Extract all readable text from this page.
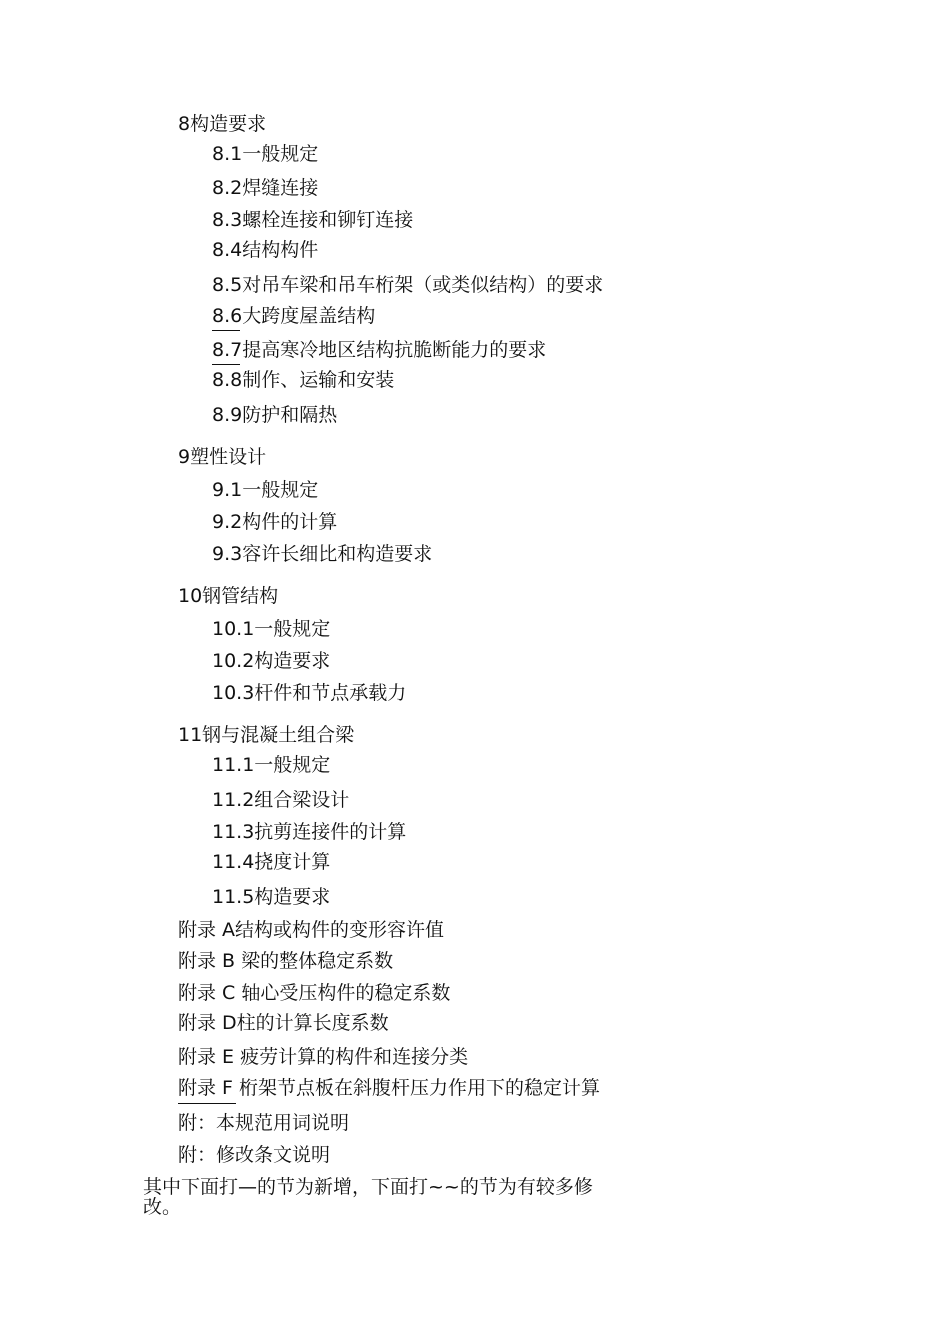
8构造要求
8.1一般规定
8.2焊缝连接
8.3螺栓连接和铆钉连接
8.4结构构件
8.5对吊车梁和吊车桁架（或类似结构）的要求
8.6大跨度屋盖结构
8.7提高寒冷地区结构抗脆断能力的要求
8.8制作、运输和安装
8.9防护和隔热
9塑性设计
9.1一般规定
9.2构件的计算
9.3容许长细比和构造要求
10钢管结构
10.1一般规定
10.2构造要求
10.3杆件和节点承载力
11钢与混凝土组合梁
11.1一般规定
11.2组合梁设计
11.3抗剪连接件的计算
11.4挠度计算
11.5构造要求
附录 A结构或构件的变形容许值
附录 B 梁的整体稳定系数
附录 C 轴心受压构件的稳定系数
附录 D柱的计算长度系数
附录 E 疲劳计算的构件和连接分类
附录 F 桁架节点板在斜腹杆压力作用下的稳定计算
附：本规范用词说明
附：修改条文说明
其中下面打—的节为新增，下面打~~的节为有较多修改。
